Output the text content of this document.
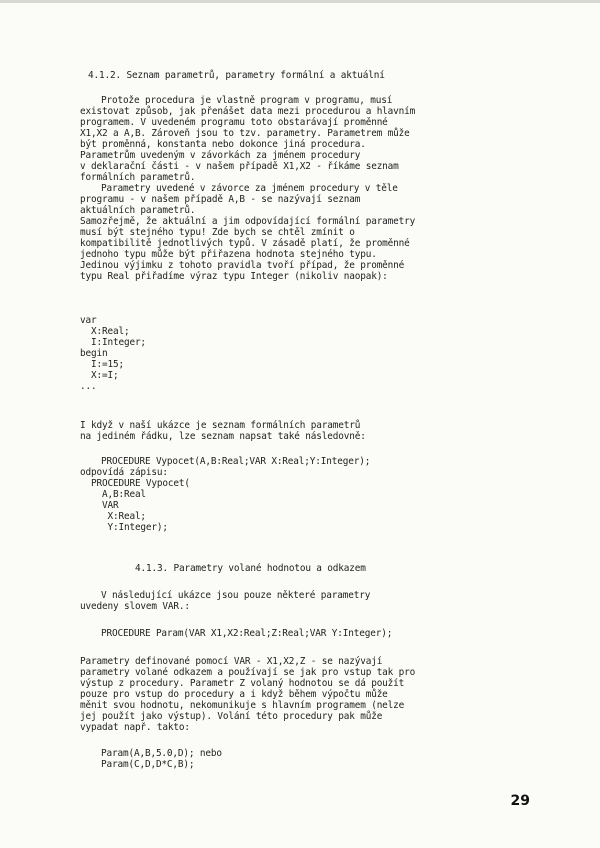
4.1.2. Seznam parametrů, parametry formální a aktuální
Protože procedura je vlastně program v programu, musí
existovat způsob, jak přenášet data mezi procedurou a hlavním
programem. V uvedeném programu toto obstarávají proměnné
X1,X2 a A,B. Zároveň jsou to tzv. parametry. Parametrem může
být proměnná, konstanta nebo dokonce jiná procedura.
Parametrům uvedeným v závorkách za jménem procedury
v deklarační části - v našem případě X1,X2 - říkáme seznam
formálních parametrů.
Parametry uvedené v závorce za jménem procedury v těle
programu - v našem případě A,B - se nazývají seznam
aktuálních parametrů.
Samozřejmě, že aktuální a jim odpovídající formální parametry
musí být stejného typu! Zde bych se chtěl zmínit o
kompatibilitě jednotlivých typů. V zásadě platí, že proměnné
jednoho typu může být přiřazena hodnota stejného typu.
Jedinou výjimku z tohoto pravidla tvoří případ, že proměnné
typu Real přiřadíme výraz typu Integer (nikoliv naopak):
var
X:Real;
I:Integer;
begin
I:=15;
X:=I;
...
I když v naší ukázce je seznam formálních parametrů
na jediném řádku, lze seznam napsat také následovně:
PROCEDURE Vypocet(A,B:Real;VAR X:Real;Y:Integer);
odpovídá zápisu:
PROCEDURE Vypocet(
A,B:Real
VAR
X:Real;
Y:Integer);
4.1.3. Parametry volané hodnotou a odkazem
V následující ukázce jsou pouze některé parametry
uvedeny slovem VAR.:
PROCEDURE Param(VAR X1,X2:Real;Z:Real;VAR Y:Integer);
Parametry definované pomocí VAR - X1,X2,Z - se nazývají
parametry volané odkazem a používají se jak pro vstup tak pro
výstup z procedury. Parametr Z volaný hodnotou se dá použít
pouze pro vstup do procedury a i když během výpočtu může
měnit svou hodnotu, nekomunikuje s hlavním programem (nelze
jej použít jako výstup). Volání této procedury pak může
vypadat např. takto:
Param(A,B,5.0,D); nebo
Param(C,D,D*C,B);
29
